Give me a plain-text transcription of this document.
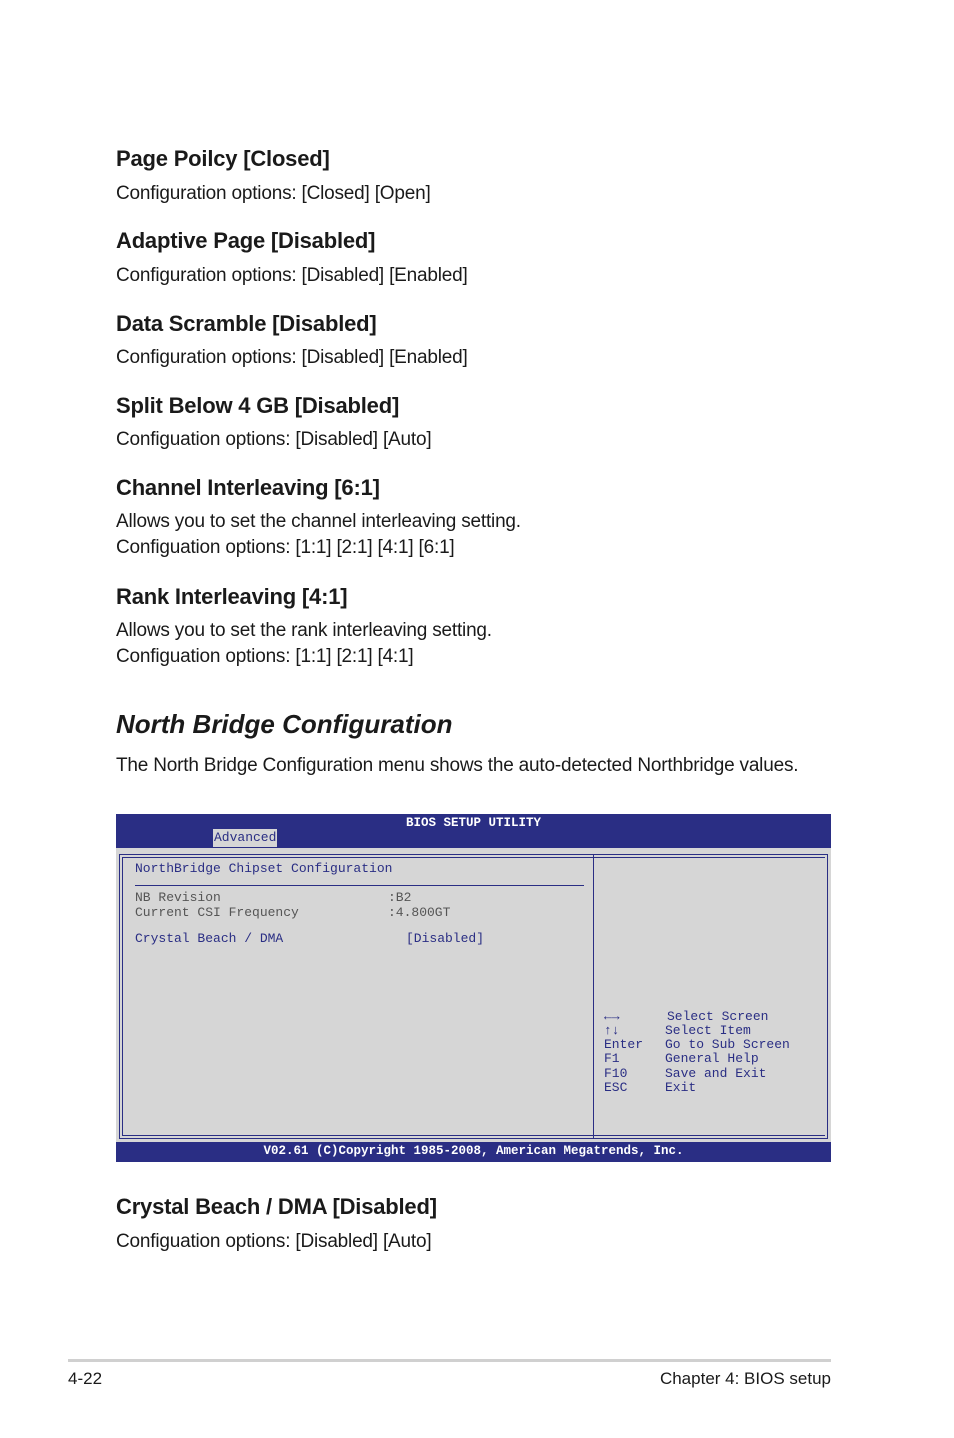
Page Poilcy [Closed]

Configuration options: [Closed] [Open]

Adaptive Page [Disabled]

Configuration options: [Disabled] [Enabled]

Data Scramble [Disabled]

Configuration options: [Disabled] [Enabled]

Split Below 4 GB [Disabled]

Configuation options: [Disabled] [Auto]

Channel Interleaving [6:1]

Allows you to set the channel interleaving setting.

Configuation options: [1:1] [2:1] [4:1] [6:1]

Rank Interleaving [4:1]

Allows you to set the rank interleaving setting.

Configuation options: [1:1] [2:1] [4:1]

North Bridge Configuration

The North Bridge Configuration menu shows the auto-detected Northbridge values.

BIOS SETUP UTILITY
Advanced
NorthBridge Chipset Configuration
NB Revision	:B2
Current CSI Frequency	:4.800GT
Crystal Beach / DMA	[Disabled]
←→	Select Screen
↑↓	Select Item
Enter Go to Sub Screen
F1	General Help
F10	Save and Exit
ESC	Exit
V02.61 (C)Copyright 1985-2008, American Megatrends, Inc.
Crystal Beach / DMA [Disabled]

Configuation options: [Disabled] [Auto]

4-22	Chapter 4: BIOS setup
